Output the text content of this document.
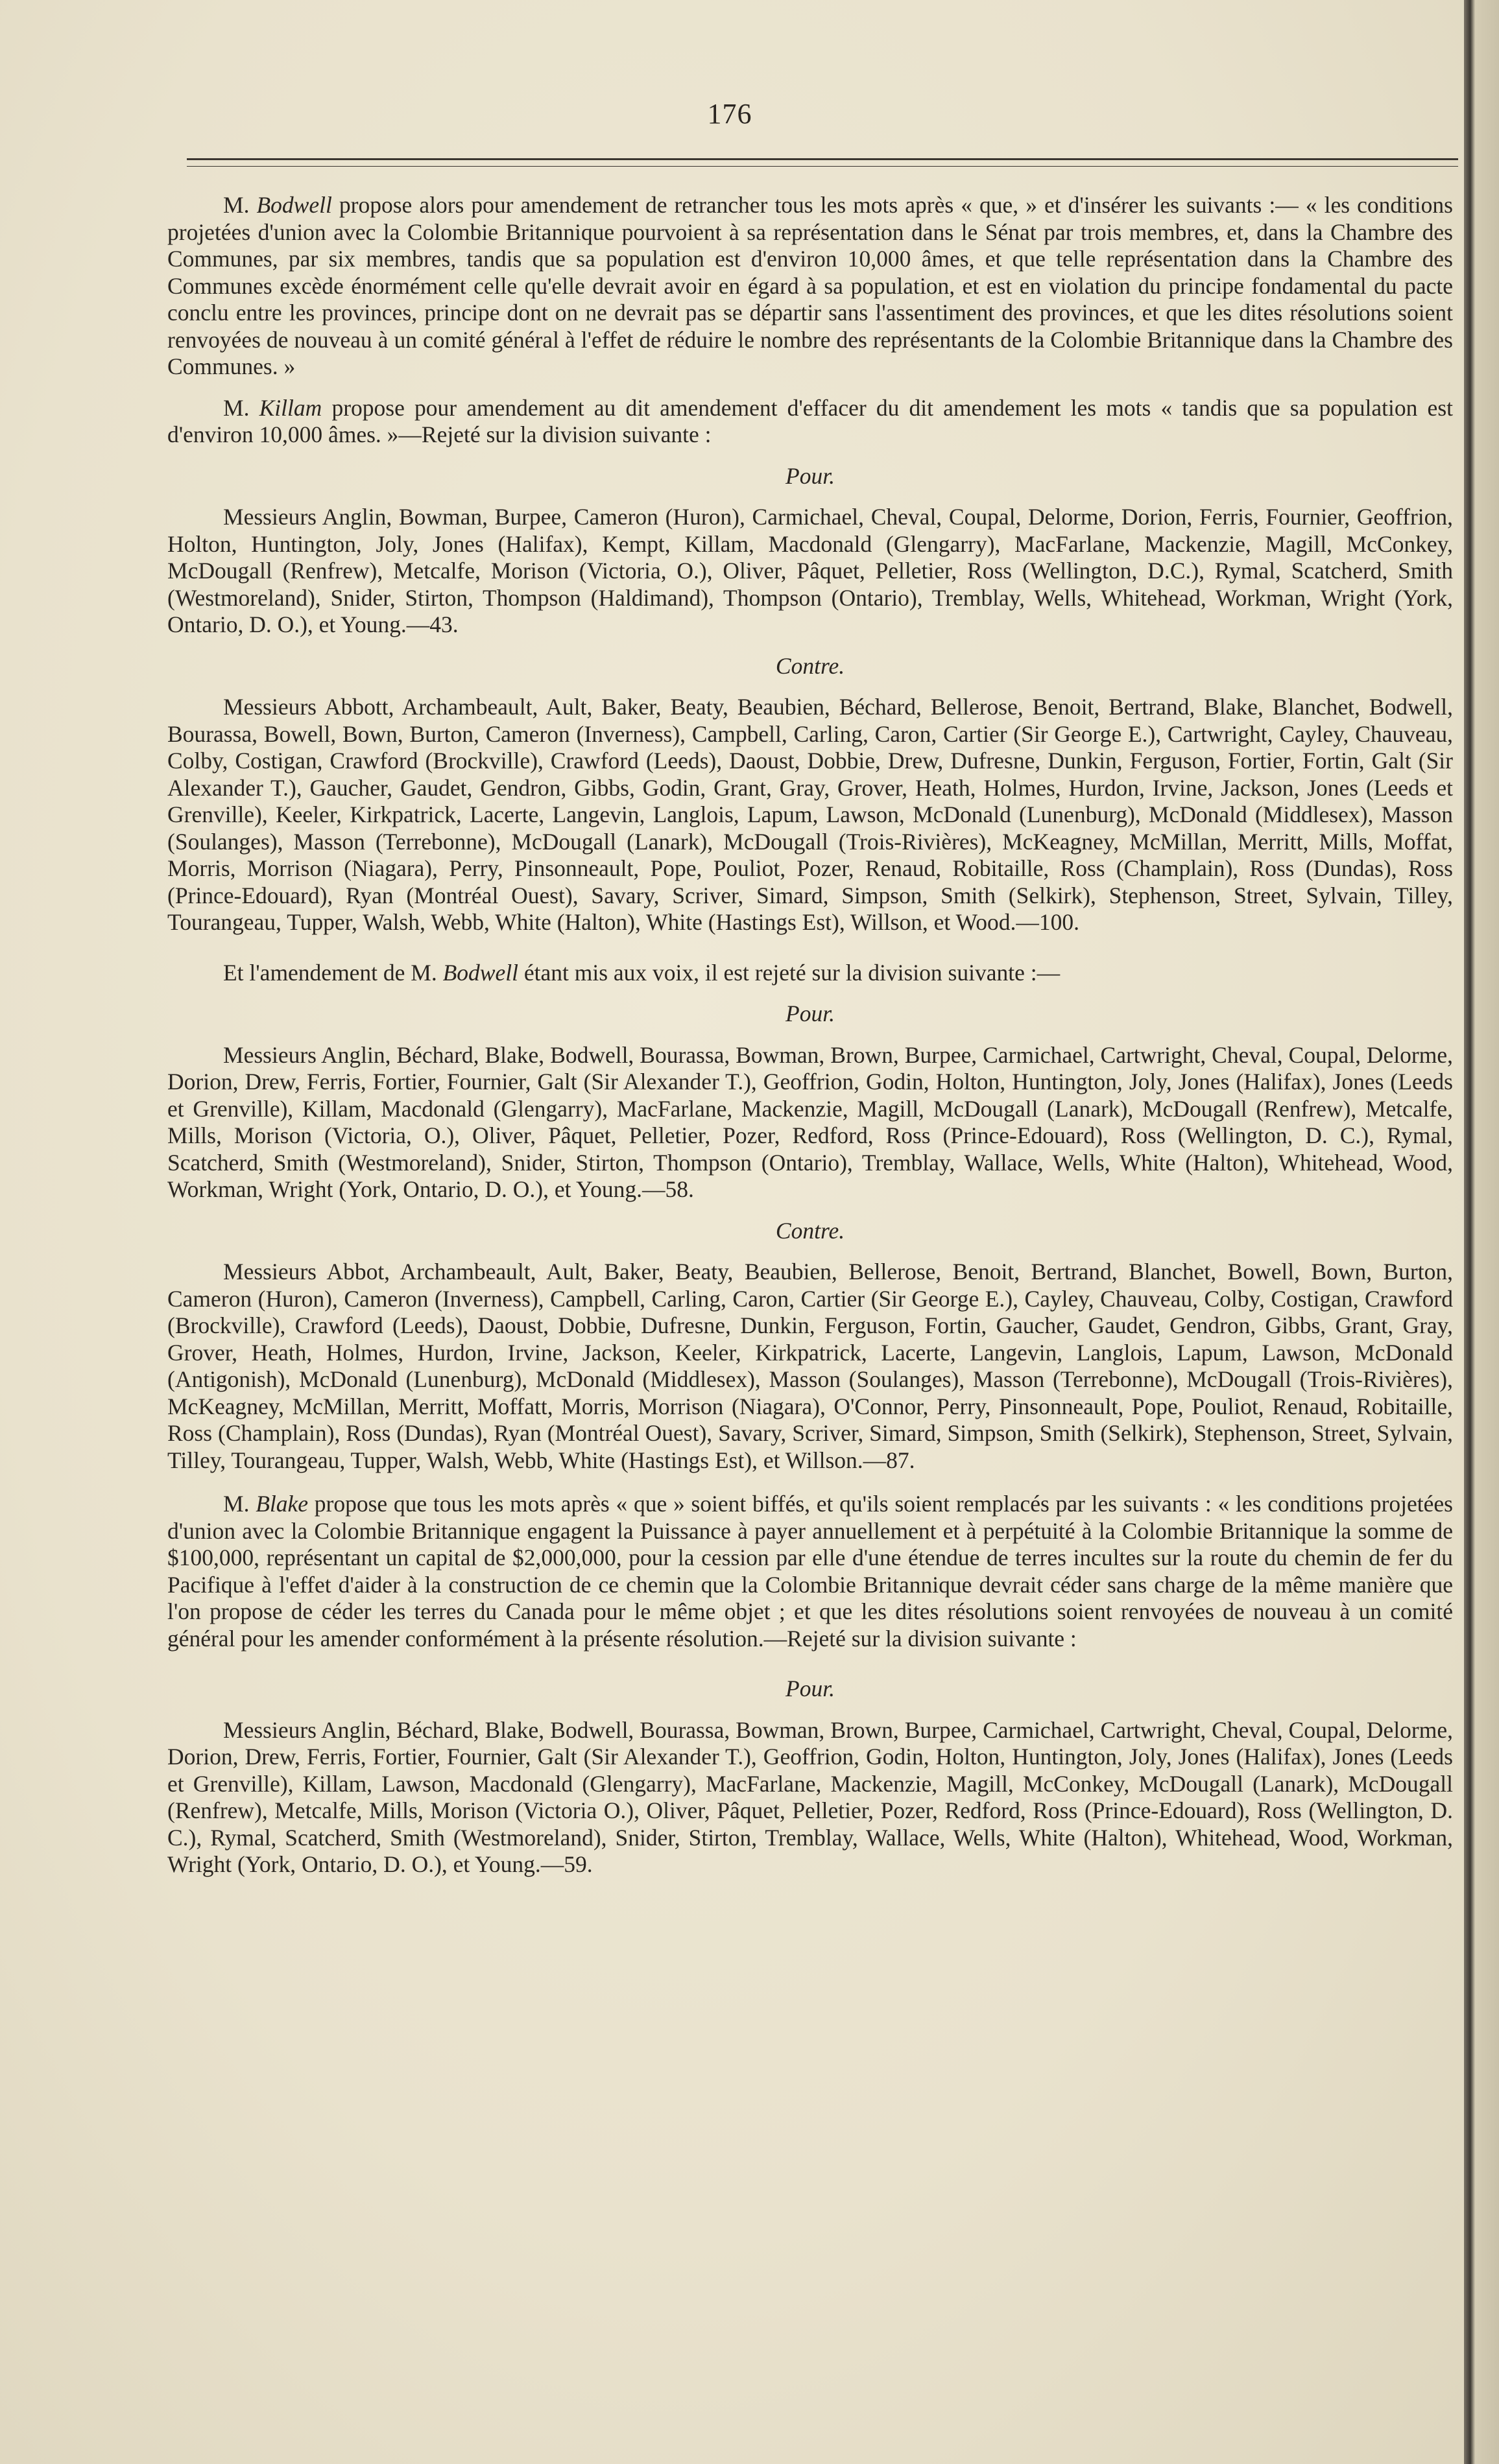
176

M. Bodwell propose alors pour amendement de retrancher tous les mots après « que, » et d'insérer les suivants :— « les conditions projetées d'union avec la Colombie Britannique pourvoient à sa représentation dans le Sénat par trois membres, et, dans la Chambre des Communes, par six membres, tandis que sa population est d'environ 10,000 âmes, et que telle représentation dans la Chambre des Communes excède énormément celle qu'elle devrait avoir en égard à sa population, et est en violation du principe fondamental du pacte conclu entre les provinces, principe dont on ne devrait pas se départir sans l'assentiment des provinces, et que les dites résolutions soient renvoyées de nouveau à un comité général à l'effet de réduire le nombre des représentants de la Colombie Britannique dans la Chambre des Communes. »

M. Killam propose pour amendement au dit amendement d'effacer du dit amendement les mots « tandis que sa population est d'environ 10,000 âmes. »—Rejeté sur la division suivante :

Pour.

Messieurs Anglin, Bowman, Burpee, Cameron (Huron), Carmichael, Cheval, Coupal, Delorme, Dorion, Ferris, Fournier, Geoffrion, Holton, Huntington, Joly, Jones (Halifax), Kempt, Killam, Macdonald (Glengarry), MacFarlane, Mackenzie, Magill, McConkey, McDougall (Renfrew), Metcalfe, Morison (Victoria, O.), Oliver, Pâquet, Pelletier, Ross (Wellington, D.C.), Rymal, Scatcherd, Smith (Westmoreland), Snider, Stirton, Thompson (Haldimand), Thompson (Ontario), Tremblay, Wells, Whitehead, Workman, Wright (York, Ontario, D. O.), et Young.—43.

Contre.

Messieurs Abbott, Archambeault, Ault, Baker, Beaty, Beaubien, Béchard, Bellerose, Benoit, Bertrand, Blake, Blanchet, Bodwell, Bourassa, Bowell, Bown, Burton, Cameron (Inverness), Campbell, Carling, Caron, Cartier (Sir George E.), Cartwright, Cayley, Chauveau, Colby, Costigan, Crawford (Brockville), Crawford (Leeds), Daoust, Dobbie, Drew, Dufresne, Dunkin, Ferguson, Fortier, Fortin, Galt (Sir Alexander T.), Gaucher, Gaudet, Gendron, Gibbs, Godin, Grant, Gray, Grover, Heath, Holmes, Hurdon, Irvine, Jackson, Jones (Leeds et Grenville), Keeler, Kirkpatrick, Lacerte, Langevin, Langlois, Lapum, Lawson, McDonald (Lunenburg), McDonald (Middlesex), Masson (Soulanges), Masson (Terrebonne), McDougall (Lanark), McDougall (Trois-Rivières), McKeagney, McMillan, Merritt, Mills, Moffat, Morris, Morrison (Niagara), Perry, Pinsonneault, Pope, Pouliot, Pozer, Renaud, Robitaille, Ross (Champlain), Ross (Dundas), Ross (Prince-Edouard), Ryan (Montréal Ouest), Savary, Scriver, Simard, Simpson, Smith (Selkirk), Stephenson, Street, Sylvain, Tilley, Tourangeau, Tupper, Walsh, Webb, White (Halton), White (Hastings Est), Willson, et Wood.—100.

Et l'amendement de M. Bodwell étant mis aux voix, il est rejeté sur la division suivante :—

Pour.

Messieurs Anglin, Béchard, Blake, Bodwell, Bourassa, Bowman, Brown, Burpee, Carmichael, Cartwright, Cheval, Coupal, Delorme, Dorion, Drew, Ferris, Fortier, Fournier, Galt (Sir Alexander T.), Geoffrion, Godin, Holton, Huntington, Joly, Jones (Halifax), Jones (Leeds et Grenville), Killam, Macdonald (Glengarry), MacFarlane, Mackenzie, Magill, McDougall (Lanark), McDougall (Renfrew), Metcalfe, Mills, Morison (Victoria, O.), Oliver, Pâquet, Pelletier, Pozer, Redford, Ross (Prince-Edouard), Ross (Wellington, D. C.), Rymal, Scatcherd, Smith (Westmoreland), Snider, Stirton, Thompson (Ontario), Tremblay, Wallace, Wells, White (Halton), Whitehead, Wood, Workman, Wright (York, Ontario, D. O.), et Young.—58.

Contre.

Messieurs Abbot, Archambeault, Ault, Baker, Beaty, Beaubien, Bellerose, Benoit, Bertrand, Blanchet, Bowell, Bown, Burton, Cameron (Huron), Cameron (Inverness), Campbell, Carling, Caron, Cartier (Sir George E.), Cayley, Chauveau, Colby, Costigan, Crawford (Brockville), Crawford (Leeds), Daoust, Dobbie, Dufresne, Dunkin, Ferguson, Fortin, Gaucher, Gaudet, Gendron, Gibbs, Grant, Gray, Grover, Heath, Holmes, Hurdon, Irvine, Jackson, Keeler, Kirkpatrick, Lacerte, Langevin, Langlois, Lapum, Lawson, McDonald (Antigonish), McDonald (Lunenburg), McDonald (Middlesex), Masson (Soulanges), Masson (Terrebonne), McDougall (Trois-Rivières), McKeagney, McMillan, Merritt, Moffatt, Morris, Morrison (Niagara), O'Connor, Perry, Pinsonneault, Pope, Pouliot, Renaud, Robitaille, Ross (Champlain), Ross (Dundas), Ryan (Montréal Ouest), Savary, Scriver, Simard, Simpson, Smith (Selkirk), Stephenson, Street, Sylvain, Tilley, Tourangeau, Tupper, Walsh, Webb, White (Hastings Est), et Willson.—87.

M. Blake propose que tous les mots après « que » soient biffés, et qu'ils soient remplacés par les suivants : « les conditions projetées d'union avec la Colombie Britannique engagent la Puissance à payer annuellement et à perpétuité à la Colombie Britannique la somme de $100,000, représentant un capital de $2,000,000, pour la cession par elle d'une étendue de terres incultes sur la route du chemin de fer du Pacifique à l'effet d'aider à la construction de ce chemin que la Colombie Britannique devrait céder sans charge de la même manière que l'on propose de céder les terres du Canada pour le même objet ; et que les dites résolutions soient renvoyées de nouveau à un comité général pour les amender conformément à la présente résolution.—Rejeté sur la division suivante :

Pour.

Messieurs Anglin, Béchard, Blake, Bodwell, Bourassa, Bowman, Brown, Burpee, Carmichael, Cartwright, Cheval, Coupal, Delorme, Dorion, Drew, Ferris, Fortier, Fournier, Galt (Sir Alexander T.), Geoffrion, Godin, Holton, Huntington, Joly, Jones (Halifax), Jones (Leeds et Grenville), Killam, Lawson, Macdonald (Glengarry), MacFarlane, Mackenzie, Magill, McConkey, McDougall (Lanark), McDougall (Renfrew), Metcalfe, Mills, Morison (Victoria O.), Oliver, Pâquet, Pelletier, Pozer, Redford, Ross (Prince-Edouard), Ross (Wellington, D. C.), Rymal, Scatcherd, Smith (Westmoreland), Snider, Stirton, Tremblay, Wallace, Wells, White (Halton), Whitehead, Wood, Workman, Wright (York, Ontario, D. O.), et Young.—59.
